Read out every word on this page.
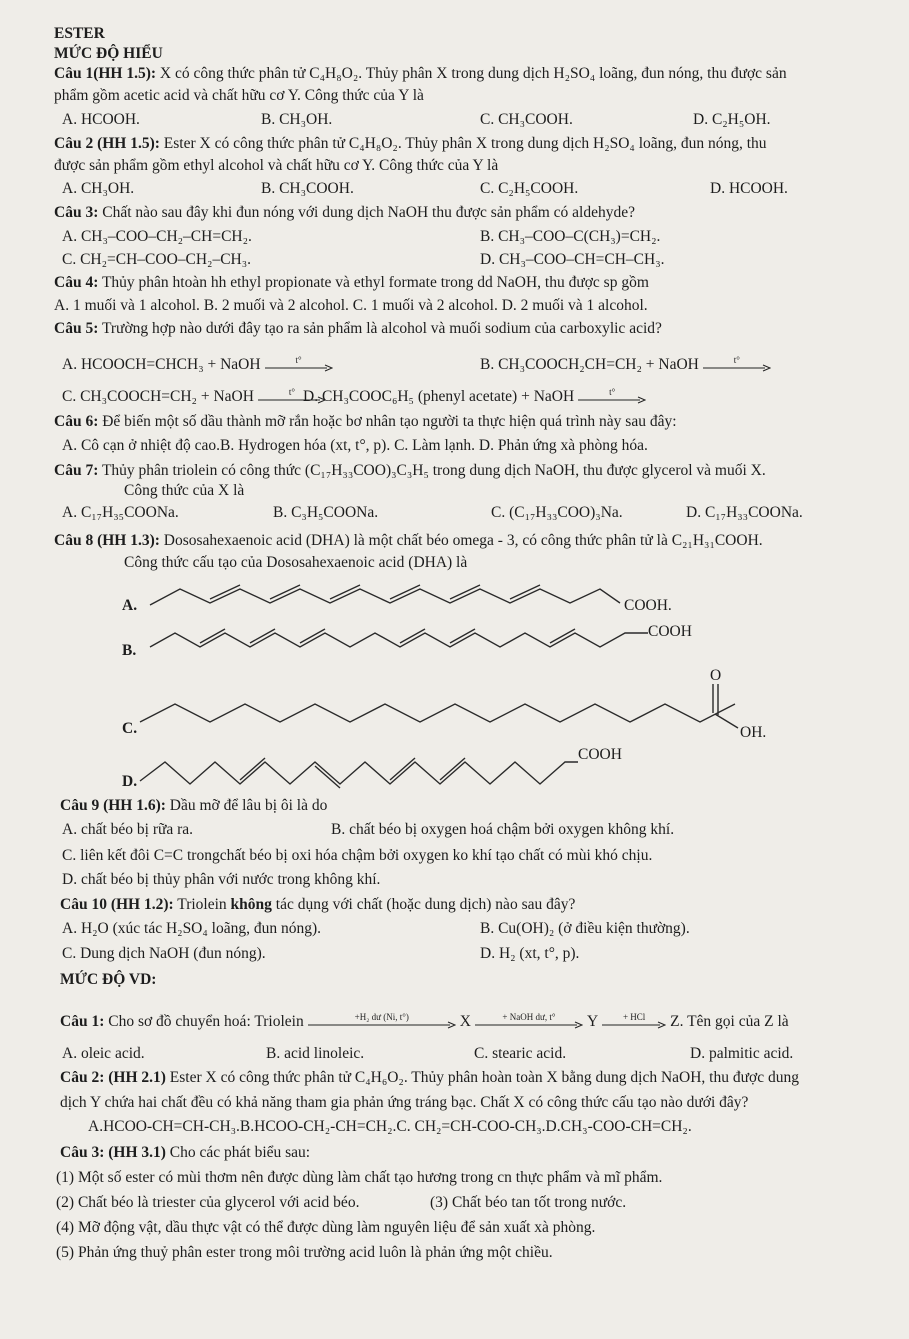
ESTER
MỨC ĐỘ HIỂU
Câu 1(HH 1.5): X có công thức phân tử C₄H₈O₂. Thủy phân X trong dung dịch H₂SO₄ loãng, đun nóng, thu được sản
phẩm gồm acetic acid và chất hữu cơ Y. Công thức của Y là
A. HCOOH.	B. CH₃OH.	C. CH₃COOH.	D. C₂H₅OH.
Câu 2 (HH 1.5): Ester X có công thức phân tử C₄H₈O₂. Thủy phân X trong dung dịch H₂SO₄ loãng, đun nóng, thu
được sản phẩm gồm ethyl alcohol và chất hữu cơ Y. Công thức của Y là
A. CH₃OH.	B. CH₃COOH.	C. C₂H₅COOH.	D. HCOOH.
Câu 3: Chất nào sau đây khi đun nóng với dung dịch NaOH thu được sản phẩm có aldehyde?
A. CH₃–COO–CH₂–CH=CH₂.	B. CH₃–COO–C(CH₃)=CH₂.
C. CH₂=CH–COO–CH₂–CH₃.	D. CH₃–COO–CH=CH–CH₃.
Câu 4: Thủy phân htoàn hh ethyl propionate và ethyl formate trong dd NaOH, thu được sp gồm
A. 1 muối và 1 alcohol. B. 2 muối và 2 alcohol. C. 1 muối và 2 alcohol. D. 2 muối và 1 alcohol.
Câu 5: Trường hợp nào dưới đây tạo ra sản phẩm là alcohol và muối sodium của carboxylic acid?
A. HCOOCH=CHCH₃ + NaOH	t°	B. CH₃COOCH₂CH=CH₂ + NaOH	t°
C. CH₃COOCH=CH₂ + NaOH	t° D. CH₃COOC₆H₅ (phenyl acetate) + NaOH	t°
Câu 6: Để biến một số dầu thành mỡ rắn hoặc bơ nhân tạo người ta thực hiện quá trình này sau đây:
A. Cô cạn ở nhiệt độ cao.B. Hydrogen hóa (xt, t°, p). C. Làm lạnh. D. Phản ứng xà phòng hóa.
Câu 7: Thủy phân triolein có công thức (C₁₇H₃₃COO)₃C₃H₅ trong dung dịch NaOH, thu được glycerol và muối X.
Công thức của X là
A. C₁₇H₃₅COONa.	B. C₃H₅COONa.	C. (C₁₇H₃₃COO)₃Na.	D. C₁₇H₃₃COONa.
Câu 8 (HH 1.3): Dososahexaenoic acid (DHA) là một chất béo omega - 3, có công thức phân tử là C₂₁H₃₁COOH.
Công thức cấu tạo của Dososahexaenoic acid (DHA) là
A.	COOH.
B.
COOH
O
C.	OH.
COOH
D.
Câu 9 (HH 1.6): Dầu mỡ để lâu bị ôi là do
A. chất béo bị rữa ra.	B. chất béo bị oxygen hoá chậm bởi oxygen không khí.
C. liên kết đôi C=C trongchất béo bị oxi hóa chậm bởi oxygen ko khí tạo chất có mùi khó chịu.
D. chất béo bị thủy phân với nước trong không khí.
Câu 10 (HH 1.2): Triolein không tác dụng với chất (hoặc dung dịch) nào sau đây?
A. H₂O (xúc tác H₂SO₄ loãng, đun nóng).	B. Cu(OH)₂ (ở điều kiện thường).
C. Dung dịch NaOH (đun nóng).	D. H₂ (xt, t°, p).
MỨC ĐỘ VD:
Câu 1: Cho sơ đồ chuyển hoá: Triolein	+H₂ dư (Ni, t°)	X	+ NaOH dư, t°	Y	+ HCl	Z. Tên gọi của Z là
A. oleic acid.	B. acid linoleic.	C. stearic acid.	D. palmitic acid.
Câu 2: (HH 2.1) Ester X có công thức phân tử C₄H₆O₂. Thủy phân hoàn toàn X bằng dung dịch NaOH, thu được dung
dịch Y chứa hai chất đều có khả năng tham gia phản ứng tráng bạc. Chất X có công thức cấu tạo nào dưới đây?
A.HCOO-CH=CH-CH₃.B.HCOO-CH₂-CH=CH₂.C. CH₂=CH-COO-CH₃.D.CH₃-COO-CH=CH₂.
Câu 3: (HH 3.1) Cho các phát biểu sau:
(1) Một số ester có mùi thơm nên được dùng làm chất tạo hương trong cn thực phẩm và mĩ phẩm.
(2) Chất béo là triester của glycerol với acid béo.	(3) Chất béo tan tốt trong nước.
(4) Mỡ động vật, dầu thực vật có thể được dùng làm nguyên liệu để sản xuất xà phòng.
(5) Phản ứng thuỷ phân ester trong môi trường acid luôn là phản ứng một chiều.
